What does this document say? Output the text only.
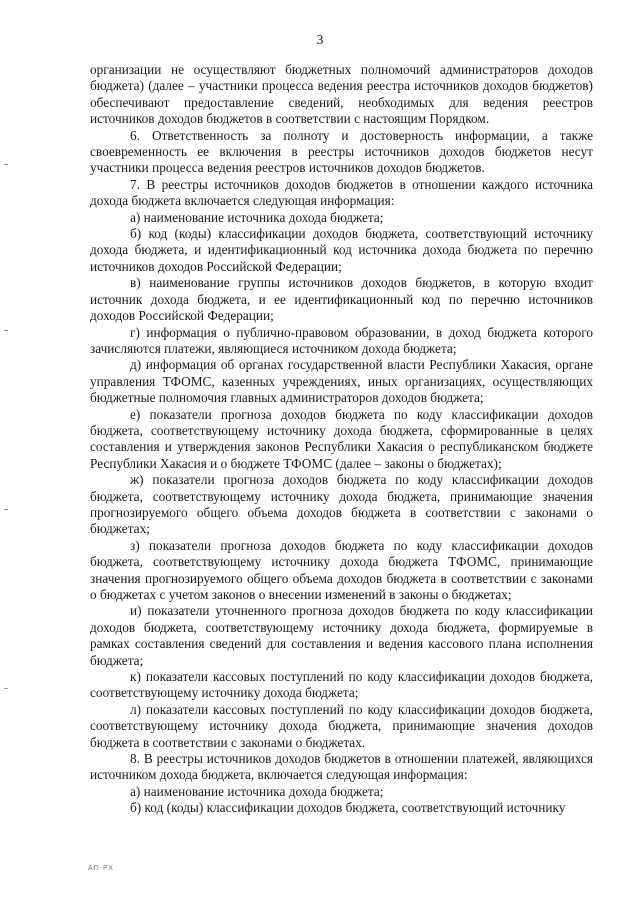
3

организации не осуществляют бюджетных полномочий администраторов доходов бюджета) (далее – участники процесса ведения реестра источников доходов бюджетов) обеспечивают предоставление сведений, необходимых для ведения реестров источников доходов бюджетов в соответствии с настоящим Порядком.

6. Ответственность за полноту и достоверность информации, а также своевременность ее включения в реестры источников доходов бюджетов несут участники процесса ведения реестров источников доходов бюджетов.

7. В реестры источников доходов бюджетов в отношении каждого источника дохода бюджета включается следующая информация:

а) наименование источника дохода бюджета;

б) код (коды) классификации доходов бюджета, соответствующий источнику дохода бюджета, и идентификационный код источника дохода бюджета по перечню источников доходов Российской Федерации;

в) наименование группы источников доходов бюджетов, в которую входит источник дохода бюджета, и ее идентификационный код по перечню источников доходов Российской Федерации;

г) информация о публично-правовом образовании, в доход бюджета которого зачисляются платежи, являющиеся источником дохода бюджета;

д) информация об органах государственной власти Республики Хакасия, органе управления ТФОМС, казенных учреждениях, иных организациях, осуществляющих бюджетные полномочия главных администраторов доходов бюджета;

е) показатели прогноза доходов бюджета по коду классификации доходов бюджета, соответствующему источнику дохода бюджета, сформированные в целях составления и утверждения законов Республики Хакасия о республиканском бюджете Республики Хакасия и о бюджете ТФОМС (далее – законы о бюджетах);

ж) показатели прогноза доходов бюджета по коду классификации доходов бюджета, соответствующему источнику дохода бюджета, принимающие значения прогнозируемого общего объема доходов бюджета в соответствии с законами о бюджетах;

з) показатели прогноза доходов бюджета по коду классификации доходов бюджета, соответствующему источнику дохода бюджета ТФОМС, принимающие значения прогнозируемого общего объема доходов бюджета в соответствии с законами о бюджетах с учетом законов о внесении изменений в законы о бюджетах;

и) показатели уточненного прогноза доходов бюджета по коду классификации доходов бюджета, соответствующему источнику дохода бюджета, формируемые в рамках составления сведений для составления и ведения кассового плана исполнения бюджета;

к) показатели кассовых поступлений по коду классификации доходов бюджета, соответствующему источнику дохода бюджета;

л) показатели кассовых поступлений по коду классификации доходов бюджета, соответствующему источнику дохода бюджета, принимающие значения доходов бюджета в соответствии с законами о бюджетах.

8. В реестры источников доходов бюджетов в отношении платежей, являющихся источником дохода бюджета, включается следующая информация:

а) наименование источника дохода бюджета;

б) код (коды) классификации доходов бюджета, соответствующий источнику

АП-РХ
